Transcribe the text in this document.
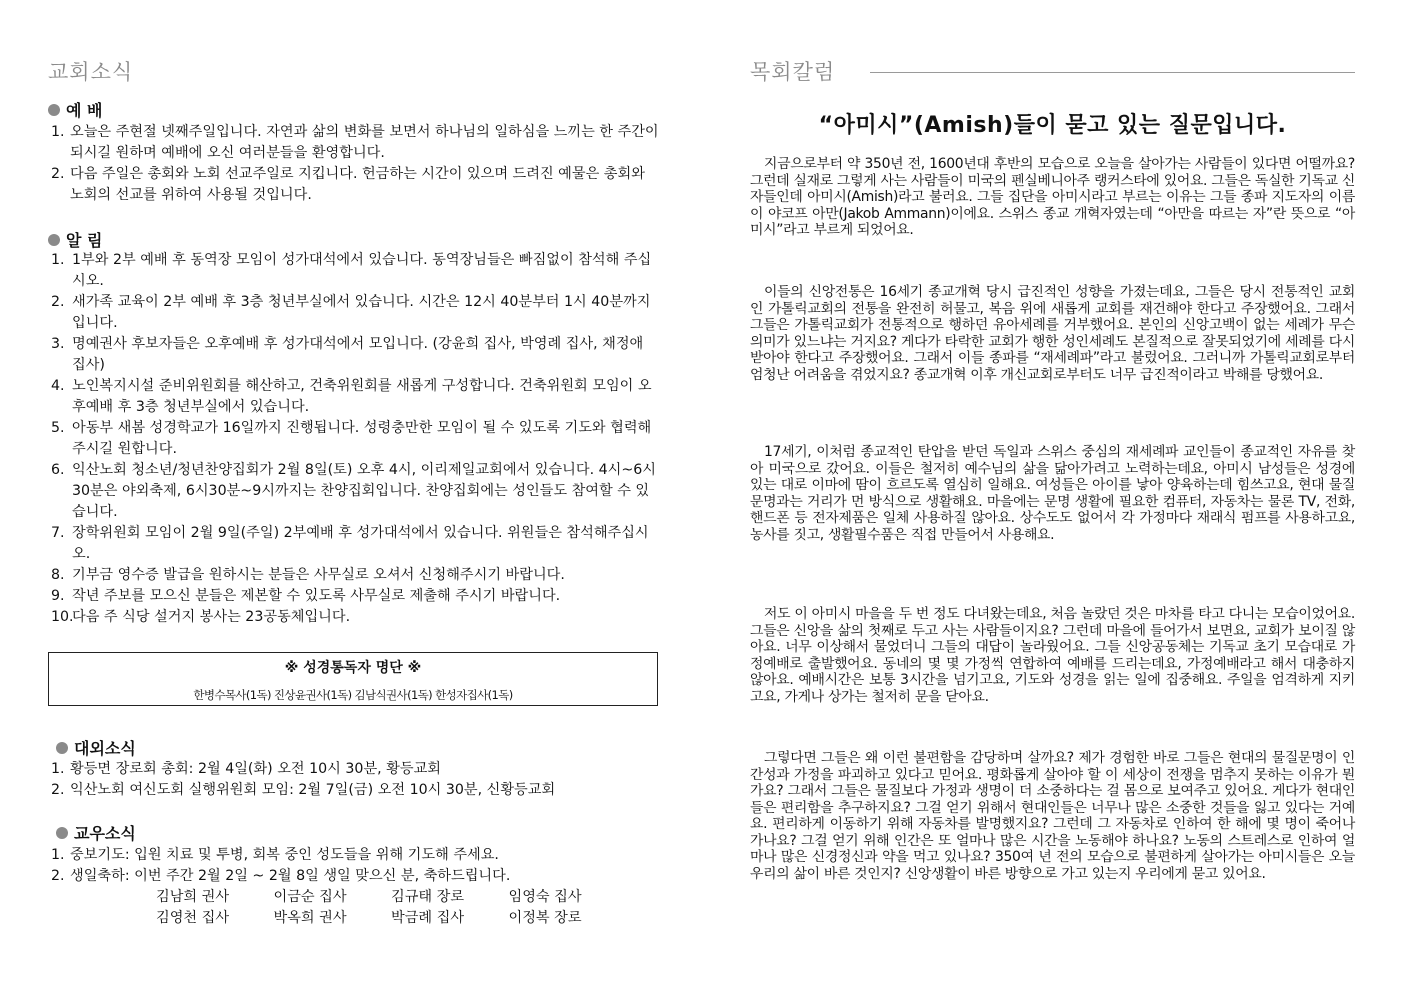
교회소식
예 배
1. 오늘은 주현절 넷째주일입니다. 자연과 삶의 변화를 보면서 하나님의 일하심을 느끼는 한 주간이 되시길 원하며 예배에 오신 여러분들을 환영합니다.
2. 다음 주일은 총회와 노회 선교주일로 지킵니다. 헌금하는 시간이 있으며 드려진 예물은 총회와 노회의 선교를 위하여 사용될 것입니다.
알 림
1. 1부와 2부 예배 후 동역장 모임이 성가대석에서 있습니다. 동역장님들은 빠짐없이 참석해 주십시오.
2. 새가족 교육이 2부 예배 후 3층 청년부실에서 있습니다. 시간은 12시 40분부터 1시 40분까지입니다.
3. 명예권사 후보자들은 오후예배 후 성가대석에서 모입니다. (강윤희 집사, 박영례 집사, 채정애 집사)
4. 노인복지시설 준비위원회를 해산하고, 건축위원회를 새롭게 구성합니다. 건축위원회 모임이 오후예배 후 3층 청년부실에서 있습니다.
5. 아동부 새봄 성경학교가 16일까지 진행됩니다. 성령충만한 모임이 될 수 있도록 기도와 협력해 주시길 원합니다.
6. 익산노회 청소년/청년찬양집회가 2월 8일(토) 오후 4시, 이리제일교회에서 있습니다. 4시~6시30분은 야외축제, 6시30분~9시까지는 찬양집회입니다. 찬양집회에는 성인들도 참여할 수 있습니다.
7. 장학위원회 모임이 2월 9일(주일) 2부예배 후 성가대석에서 있습니다. 위원들은 참석해주십시오.
8. 기부금 영수증 발급을 원하시는 분들은 사무실로 오셔서 신청해주시기 바랍니다.
9. 작년 주보를 모으신 분들은 제본할 수 있도록 사무실로 제출해 주시기 바랍니다.
10.
다음 주 식당 설거지 봉사는 23공동체입니다.
※ 성경통독자 명단 ※
한병수목사(1독) 진상윤권사(1독) 김남식권사(1독) 한성자집사(1독)
대외소식
1. 황등면 장로회 총회: 2월 4일(화) 오전 10시 30분, 황등교회
2. 익산노회 여신도회 실행위원회 모임: 2월 7일(금) 오전 10시 30분, 신황등교회
교우소식
1. 중보기도: 입원 치료 및 투병, 회복 중인 성도들을 위해 기도해 주세요.
2. 생일축하: 이번 주간 2월 2일 ~ 2월 8일 생일 맞으신 분, 축하드립니다.
김남희 권사	이금순 집사	김규태 장로	임영숙 집사
김영천 집사	박옥희 권사	박금례 집사	이정복 장로
목회칼럼
“아미시”(Amish)들이 묻고 있는 질문입니다.

지금으로부터 약 350년 전, 1600년대 후반의 모습으로 오늘을 살아가는 사람들이 있다면 어떨까요? 그런데 실재로 그렇게 사는 사람들이 미국의 펜실베니아주 랭커스타에 있어요. 그들은 독실한 기독교 신자들인데 아미시(Amish)라고 불러요. 그들 집단을 아미시라고 부르는 이유는 그들 종파 지도자의 이름이 야코프 아만(Jakob Ammann)이에요. 스위스 종교 개혁자였는데 “아만을 따르는 자”란 뜻으로 “아미시”라고 부르게 되었어요.

이들의 신앙전통은 16세기 종교개혁 당시 급진적인 성향을 가졌는데요, 그들은 당시 전통적인 교회인 가톨릭교회의 전통을 완전히 허물고, 복음 위에 새롭게 교회를 재건해야 한다고 주장했어요. 그래서 그들은 가톨릭교회가 전통적으로 행하던 유아세례를 거부했어요. 본인의 신앙고백이 없는 세례가 무슨 의미가 있느냐는 거지요? 게다가 타락한 교회가 행한 성인세례도 본질적으로 잘못되었기에 세례를 다시 받아야 한다고 주장했어요. 그래서 이들 종파를 “재세례파”라고 불렀어요. 그러니까 가톨릭교회로부터 엄청난 어려움을 겪었지요? 종교개혁 이후 개신교회로부터도 너무 급진적이라고 박해를 당했어요.

17세기, 이처럼 종교적인 탄압을 받던 독일과 스위스 중심의 재세례파 교인들이 종교적인 자유를 찾아 미국으로 갔어요. 이들은 철저히 예수님의 삶을 닮아가려고 노력하는데요, 아미시 남성들은 성경에 있는 대로 이마에 땀이 흐르도록 열심히 일해요. 여성들은 아이를 낳아 양육하는데 힘쓰고요, 현대 물질문명과는 거리가 먼 방식으로 생활해요. 마을에는 문명 생활에 필요한 컴퓨터, 자동차는 물론 TV, 전화, 핸드폰 등 전자제품은 일체 사용하질 않아요. 상수도도 없어서 각 가정마다 재래식 펌프를 사용하고요, 농사를 짓고, 생활필수품은 직접 만들어서 사용해요.

저도 이 아미시 마을을 두 번 정도 다녀왔는데요, 처음 놀랐던 것은 마차를 타고 다니는 모습이었어요. 그들은 신앙을 삶의 첫째로 두고 사는 사람들이지요? 그런데 마을에 들어가서 보면요, 교회가 보이질 않아요. 너무 이상해서 물었더니 그들의 대답이 놀라웠어요. 그들 신앙공동체는 기독교 초기 모습대로 가정예배로 출발했어요. 동네의 몇 몇 가정씩 연합하여 예배를 드리는데요, 가정예배라고 해서 대충하지 않아요. 예배시간은 보통 3시간을 넘기고요, 기도와 성경을 읽는 일에 집중해요. 주일을 엄격하게 지키고요, 가게나 상가는 철저히 문을 닫아요.

그렇다면 그들은 왜 이런 불편함을 감당하며 살까요? 제가 경험한 바로 그들은 현대의 물질문명이 인간성과 가정을 파괴하고 있다고 믿어요. 평화롭게 살아야 할 이 세상이 전쟁을 멈추지 못하는 이유가 뭔가요? 그래서 그들은 물질보다 가정과 생명이 더 소중하다는 걸 몸으로 보여주고 있어요. 게다가 현대인들은 편리함을 추구하지요? 그걸 얻기 위해서 현대인들은 너무나 많은 소중한 것들을 잃고 있다는 거예요. 편리하게 이동하기 위해 자동차를 발명했지요? 그런데 그 자동차로 인하여 한 해에 몇 명이 죽어나가나요? 그걸 얻기 위해 인간은 또 얼마나 많은 시간을 노동해야 하나요? 노동의 스트레스로 인하여 얼마나 많은 신경정신과 약을 먹고 있나요? 350여 년 전의 모습으로 불편하게 살아가는 아미시들은 오늘 우리의 삶이 바른 것인지? 신앙생활이 바른 방향으로 가고 있는지 우리에게 묻고 있어요.
